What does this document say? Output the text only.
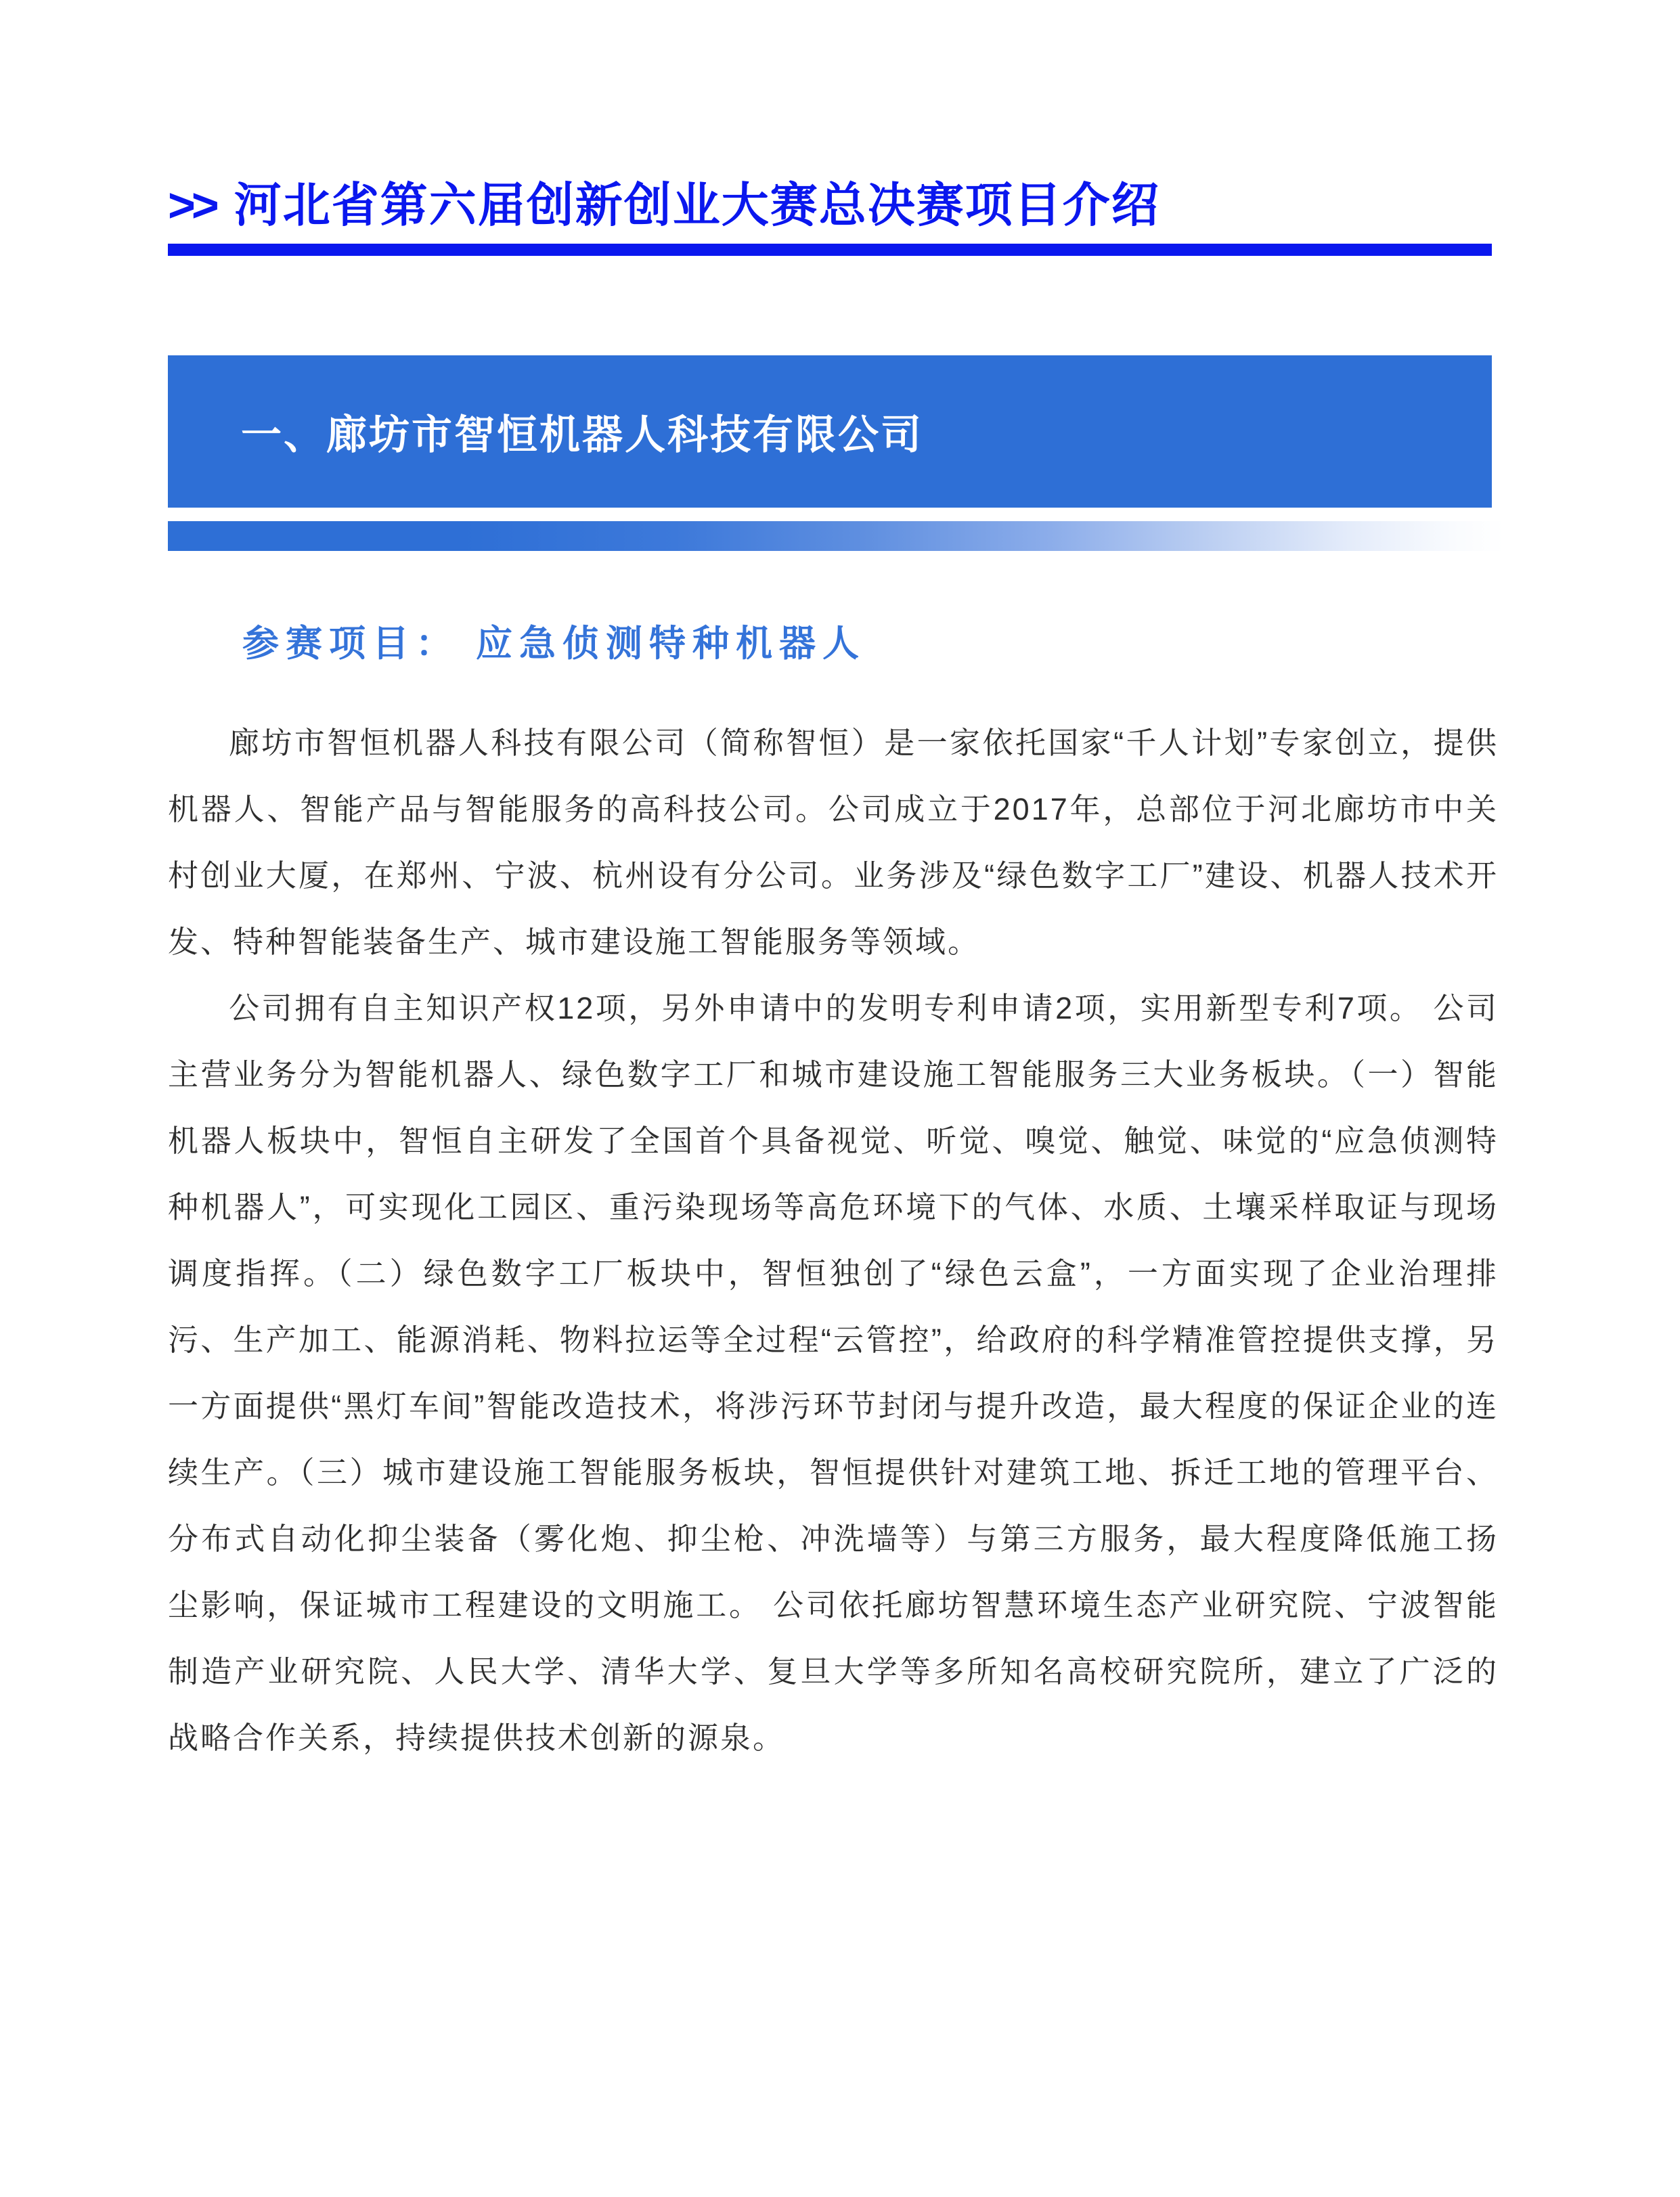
>> 河北省第六届创新创业大赛总决赛项目介绍
一、廊坊市智恒机器人科技有限公司
参赛项目： 应急侦测特种机器人

廊坊市智恒机器人科技有限公司（简称智恒）是一家依托国家“千人计划”专家创立，提供机器人、智能产品与智能服务的高科技公司。公司成立于2017年，总部位于河北廊坊市中关村创业大厦，在郑州、宁波、杭州设有分公司。业务涉及“绿色数字工厂”建设、机器人技术开发、特种智能装备生产、城市建设施工智能服务等领域。

公司拥有自主知识产权12项，另外申请中的发明专利申请2项，实用新型专利7项。 公司主营业务分为智能机器人、绿色数字工厂和城市建设施工智能服务三大业务板块。（一）智能机器人板块中，智恒自主研发了全国首个具备视觉、听觉、嗅觉、触觉、味觉的“应急侦测特种机器人”，可实现化工园区、重污染现场等高危环境下的气体、水质、土壤采样取证与现场调度指挥。（二）绿色数字工厂板块中，智恒独创了“绿色云盒”，一方面实现了企业治理排污、生产加工、能源消耗、物料拉运等全过程“云管控”，给政府的科学精准管控提供支撑，另一方面提供“黑灯车间”智能改造技术，将涉污环节封闭与提升改造，最大程度的保证企业的连续生产。（三）城市建设施工智能服务板块，智恒提供针对建筑工地、拆迁工地的管理平台、分布式自动化抑尘装备（雾化炮、抑尘枪、冲洗墙等）与第三方服务，最大程度降低施工扬尘影响，保证城市工程建设的文明施工。 公司依托廊坊智慧环境生态产业研究院、宁波智能制造产业研究院、人民大学、清华大学、复旦大学等多所知名高校研究院所，建立了广泛的战略合作关系，持续提供技术创新的源泉。
